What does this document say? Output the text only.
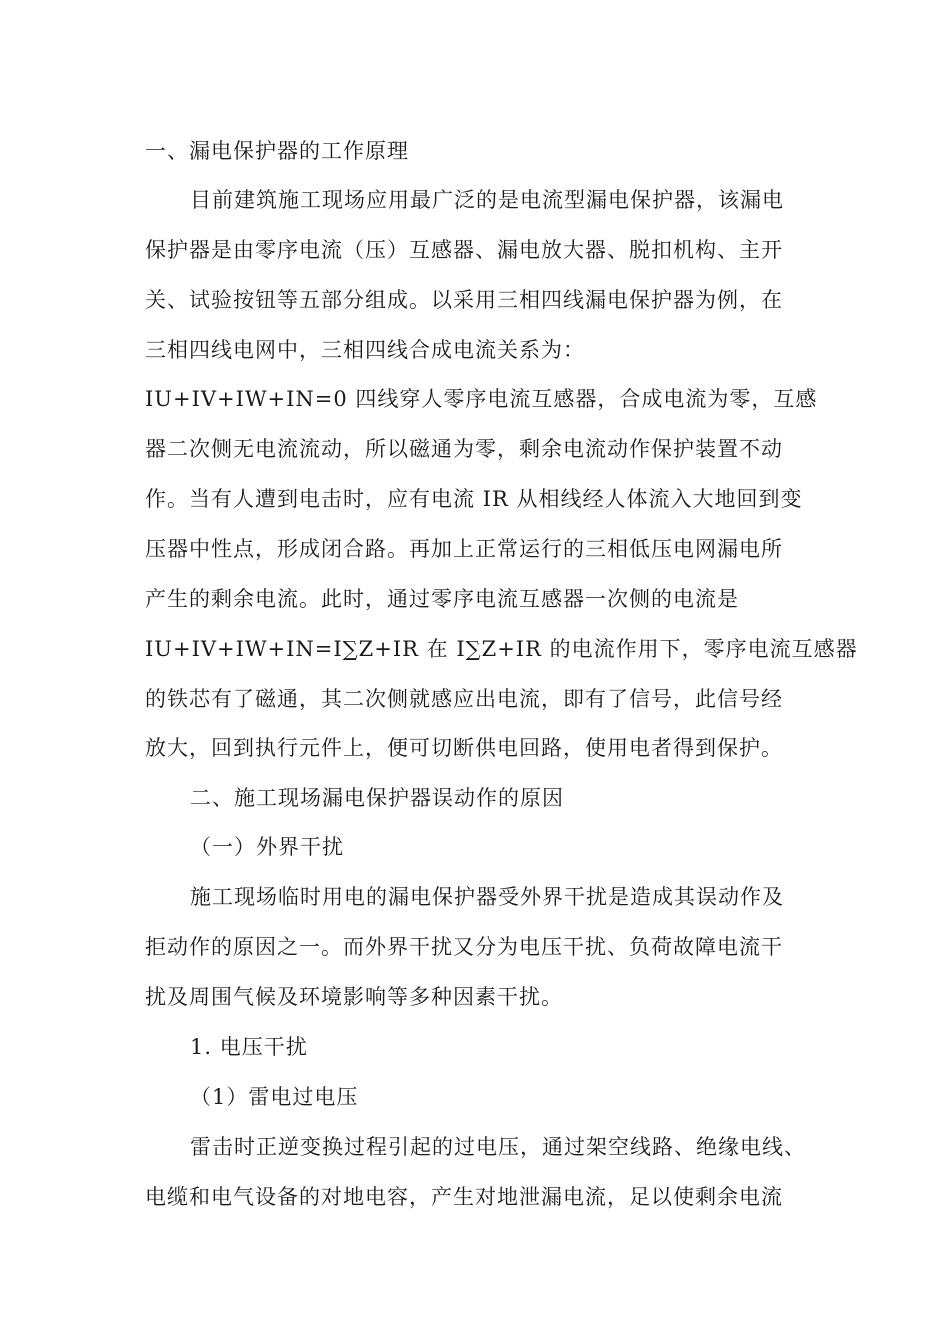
一、漏电保护器的工作原理
目前建筑施工现场应用最广泛的是电流型漏电保护器，该漏电
保护器是由零序电流（压）互感器、漏电放大器、脱扣机构、主开
关、试验按钮等五部分组成。以采用三相四线漏电保护器为例，在
三相四线电网中，三相四线合成电流关系为：
IU+IV+IW+IN=0 四线穿人零序电流互感器，合成电流为零，互感
器二次侧无电流流动，所以磁通为零，剩余电流动作保护装置不动
作。当有人遭到电击时，应有电流 IR 从相线经人体流入大地回到变
压器中性点，形成闭合路。再加上正常运行的三相低压电网漏电所
产生的剩余电流。此时，通过零序电流互感器一次侧的电流是
IU+IV+IW+IN=I∑Z+IR 在 I∑Z+IR 的电流作用下，零序电流互感器
的铁芯有了磁通，其二次侧就感应出电流，即有了信号，此信号经
放大，回到执行元件上，便可切断供电回路，使用电者得到保护。
二、施工现场漏电保护器误动作的原因
（一）外界干扰
施工现场临时用电的漏电保护器受外界干扰是造成其误动作及
拒动作的原因之一。而外界干扰又分为电压干扰、负荷故障电流干
扰及周围气候及环境影响等多种因素干扰。
1. 电压干扰
（1）雷电过电压
雷击时正逆变换过程引起的过电压，通过架空线路、绝缘电线、
电缆和电气设备的对地电容，产生对地泄漏电流，足以使剩余电流
